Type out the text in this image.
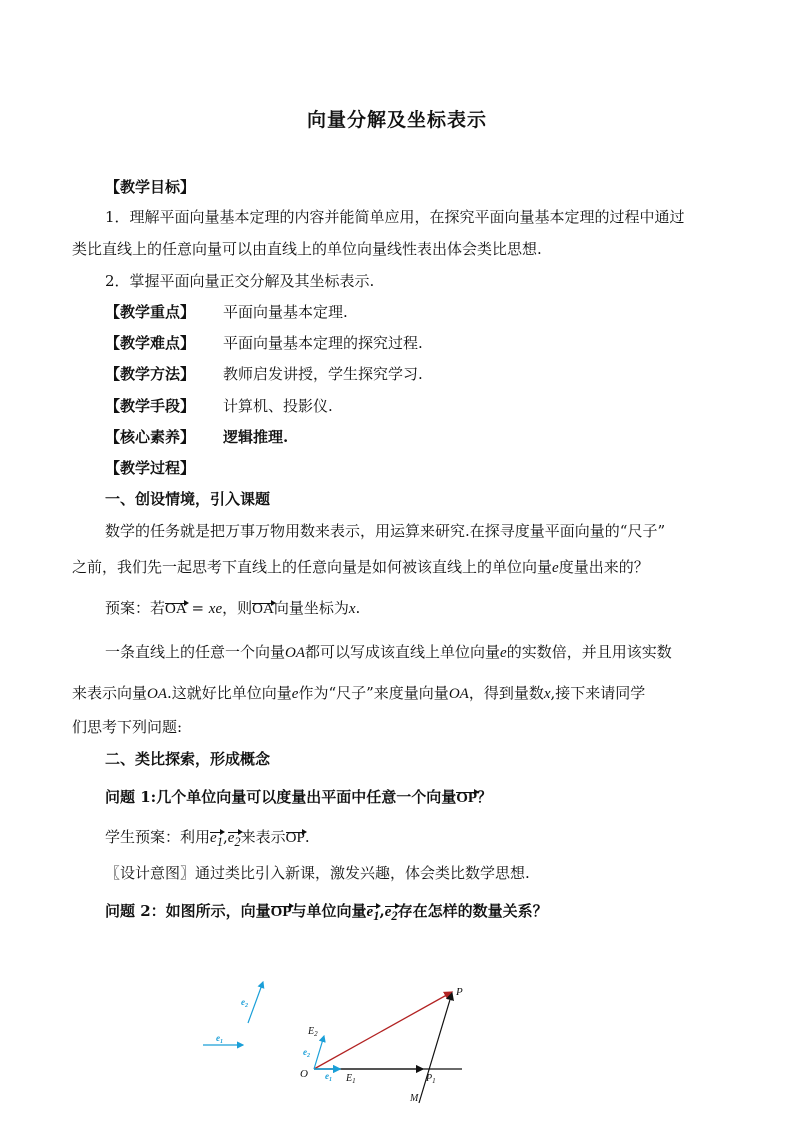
向量分解及坐标表示
【教学目标】
1．理解平面向量基本定理的内容并能简单应用，在探究平面向量基本定理的过程中通过
类比直线上的任意向量可以由直线上的单位向量线性表出体会类比思想.
2．掌握平面向量正交分解及其坐标表示.
【教学重点】 平面向量基本定理.
【教学难点】 平面向量基本定理的探究过程.
【教学方法】 教师启发讲授，学生探究学习.
【教学手段】 计算机、投影仪.
【核心素养】 逻辑推理.
【教学过程】
一、创设情境，引入课题
数学的任务就是把万事万物用数来表示，用运算来研究.在探寻度量平面向量的“尺子”
之前，我们先一起思考下直线上的任意向量是如何被该直线上的单位向量e度量出来的？
预案：若OA = xe，则OA向量坐标为x.
一条直线上的任意一个向量OA都可以写成该直线上单位向量e的实数倍，并且用该实数
来表示向量OA.这就好比单位向量e作为“尺子”来度量向量OA，得到量数x,接下来请同学
们思考下列问题:
二、类比探索，形成概念
问题 1:几个单位向量可以度量出平面中任意一个向量OP？
学生预案：利用$e_1,e_2$来表示OP.
〖设计意图〗通过类比引入新课，激发兴趣，体会类比数学思想.
问题 2：如图所示，向量OP与单位向量$e_1,e_2$存在怎样的数量关系？
$e_2$
$e_1$
$E_2$
$e_2$
O $e_1$ $E_1$
P
$P_1$
M
